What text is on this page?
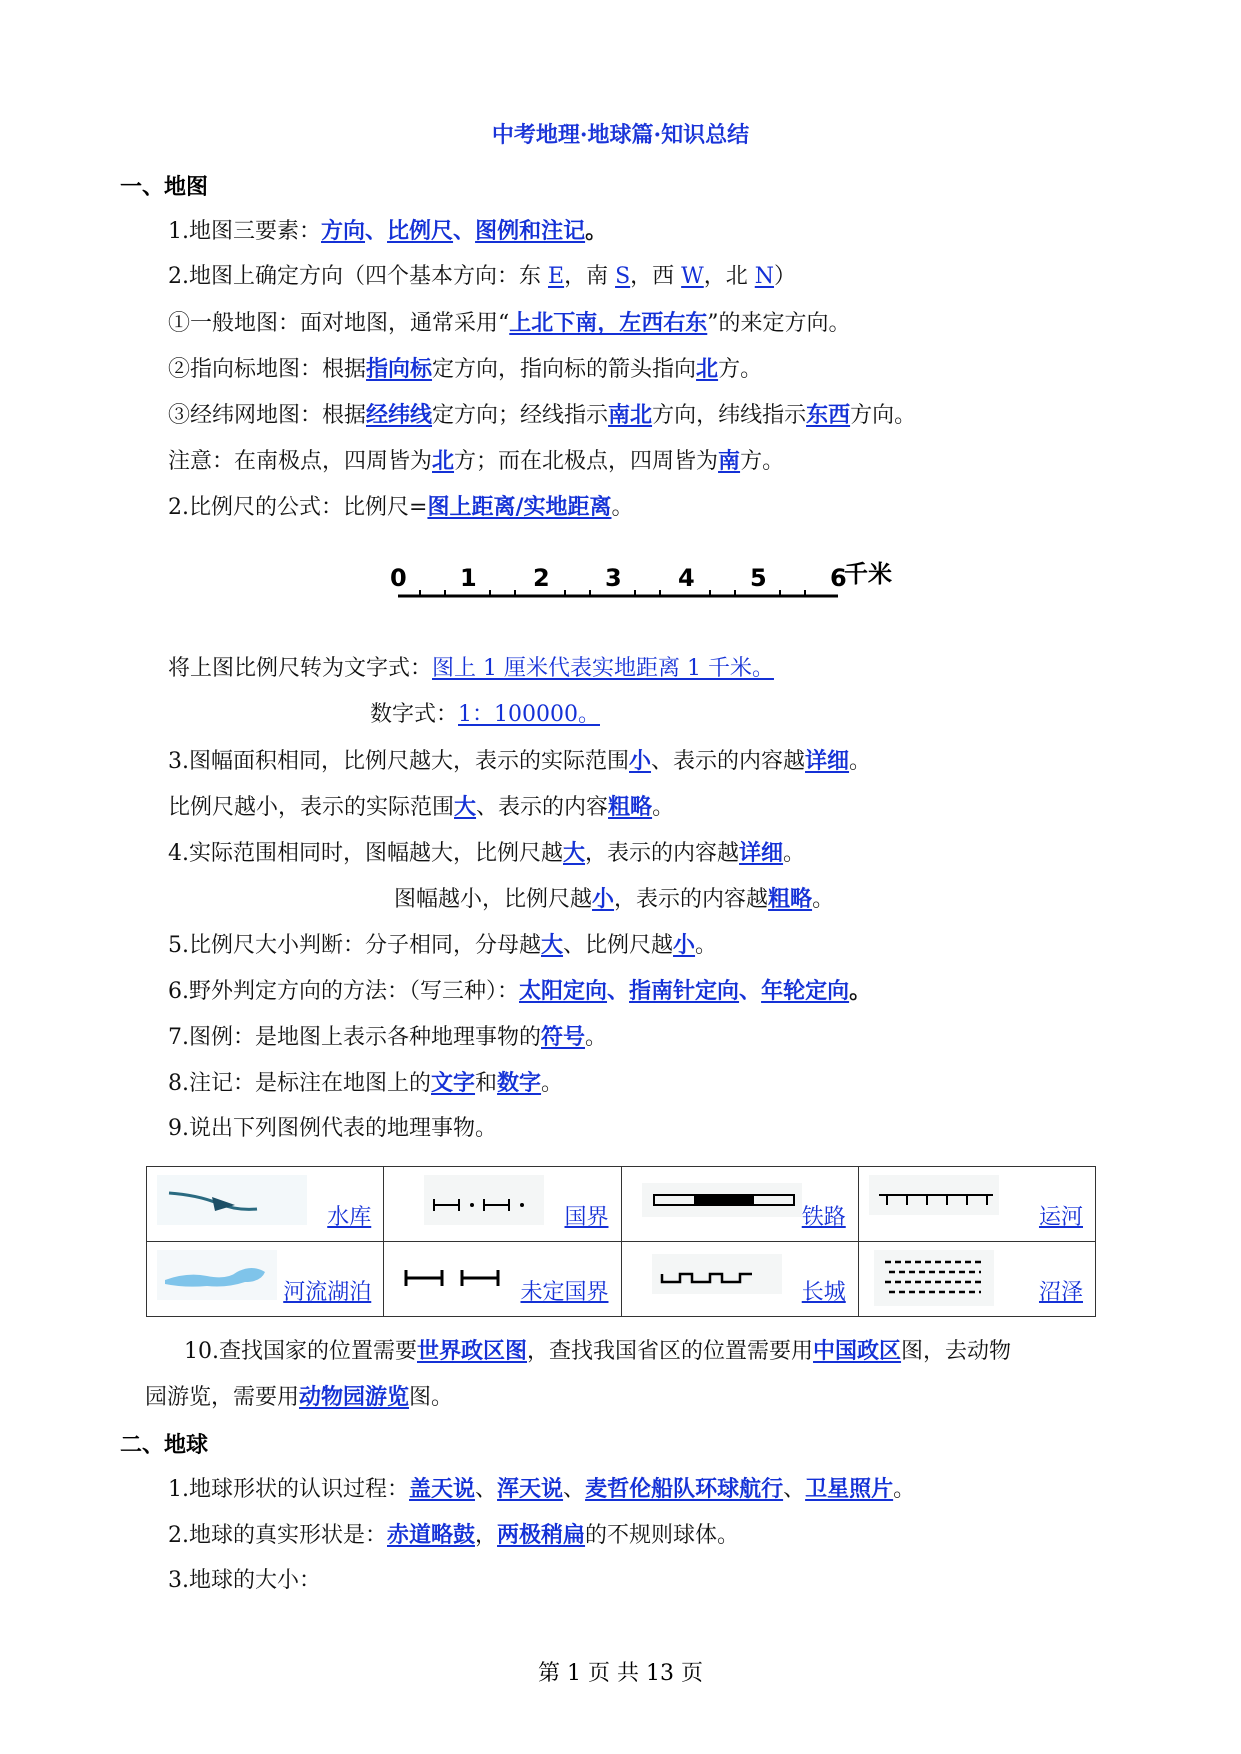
中考地理·地球篇·知识总结
一、地图
1.地图三要素：方向、比例尺、图例和注记。
2.地图上确定方向（四个基本方向：东 E，南 S，西 W，北 N）
①一般地图：面对地图，通常采用“上北下南，左西右东”的来定方向。
②指向标地图：根据指向标定方向，指向标的箭头指向北方。
③经纬网地图：根据经纬线定方向；经线指示南北方向，纬线指示东西方向。
注意：在南极点，四周皆为北方；而在北极点，四周皆为南方。
2.比例尺的公式：比例尺=图上距离/实地距离。
0 1 2 3 4 5	6
千米
将上图比例尺转为文字式：图上 1 厘米代表实地距离 1 千米。
数字式：1：100000。
3.图幅面积相同，比例尺越大，表示的实际范围小、表示的内容越详细。
比例尺越小，表示的实际范围大、表示的内容粗略。
4.实际范围相同时，图幅越大，比例尺越大，表示的内容越详细。
图幅越小，比例尺越小，表示的内容越粗略。
5.比例尺大小判断：分子相同，分母越大、比例尺越小。
6.野外判定方向的方法：（写三种）：太阳定向、指南针定向、年轮定向。
7.图例：是地图上表示各种地理事物的符号。
8.注记：是标注在地图上的文字和数字。
9.说出下列图例代表的地理事物。
水库	国界	铁路	运河

河流湖泊	未定国界	长城	沼泽
10.查找国家的位置需要世界政区图，查找我国省区的位置需要用中国政区图，去动物
园游览，需要用动物园游览图。
二、地球
1.地球形状的认识过程：盖天说、浑天说、麦哲伦船队环球航行、卫星照片。
2.地球的真实形状是：赤道略鼓，两极稍扁的不规则球体。
3.地球的大小：
第 1 页 共 13 页
